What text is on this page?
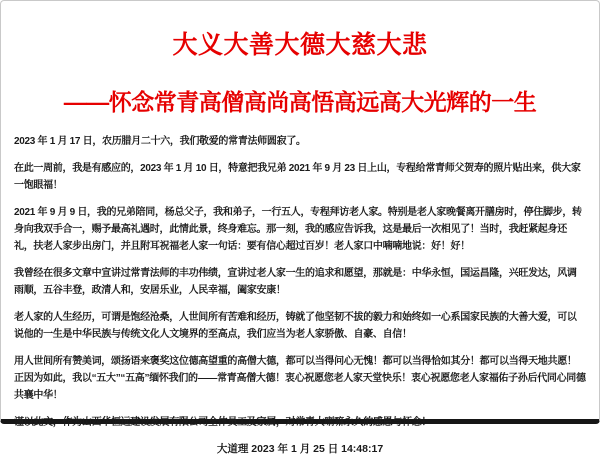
大义大善大德大慈大悲
——怀念常青高僧高尚高悟高远高大光辉的一生

2023 年 1 月 17 日，农历腊月二十六，我们敬爱的常青法师圆寂了。

在此一周前，我是有感应的，2023 年 1 月 10 日，特意把我兄弟 2021 年 9 月 23 日上山，专程给常青师父贺寿的照片贴出来，供大家一饱眼福！

2021 年 9 月 9 日，我的兄弟陪同，杨总父子，我和弟子，一行五人，专程拜访老人家。特别是老人家晚餐离开膳房时，停住脚步，转身向我双手合一，赐予最高礼遇时，此情此景，终身难忘。那一刻，我的感应告诉我，这是最后一次相见了！当时，我赶紧起身还礼，扶老人家步出房门，并且附耳祝福老人家一句话：要有信心超过百岁！老人家口中喃喃地说：好！好！

我曾经在很多文章中宣讲过常青法师的丰功伟绩，宣讲过老人家一生的追求和愿望，那就是：中华永恒，国运昌隆，兴旺发达，风调雨顺，五谷丰登，政清人和，安居乐业，人民幸福，阖家安康！

老人家的人生经历，可谓是饱经沧桑，人世间所有苦难和经历，铸就了他坚韧不拔的毅力和始终如一心系国家民族的大善大爱，可以说他的一生是中华民族与传统文化人文境界的至高点，我们应当为老人家骄傲、自豪、自信！

用人世间所有赞美词，颂扬语来褒奖这位德高望重的高僧大德，都可以当得问心无愧！都可以当得恰如其分！都可以当得天地共愿！正因为如此，我以“五大”“五高”缅怀我们的——常青高僧大德！衷心祝愿您老人家天堂快乐！衷心祝愿您老人家福佑子孙后代同心同德共襄中华！

谨以此文，作为山西华恒远建设发展有限公司全体员工及家属，对常青大喇嘛永久的感恩与怀念！

大道理 2023 年 1 月 25 日 14:48:17
